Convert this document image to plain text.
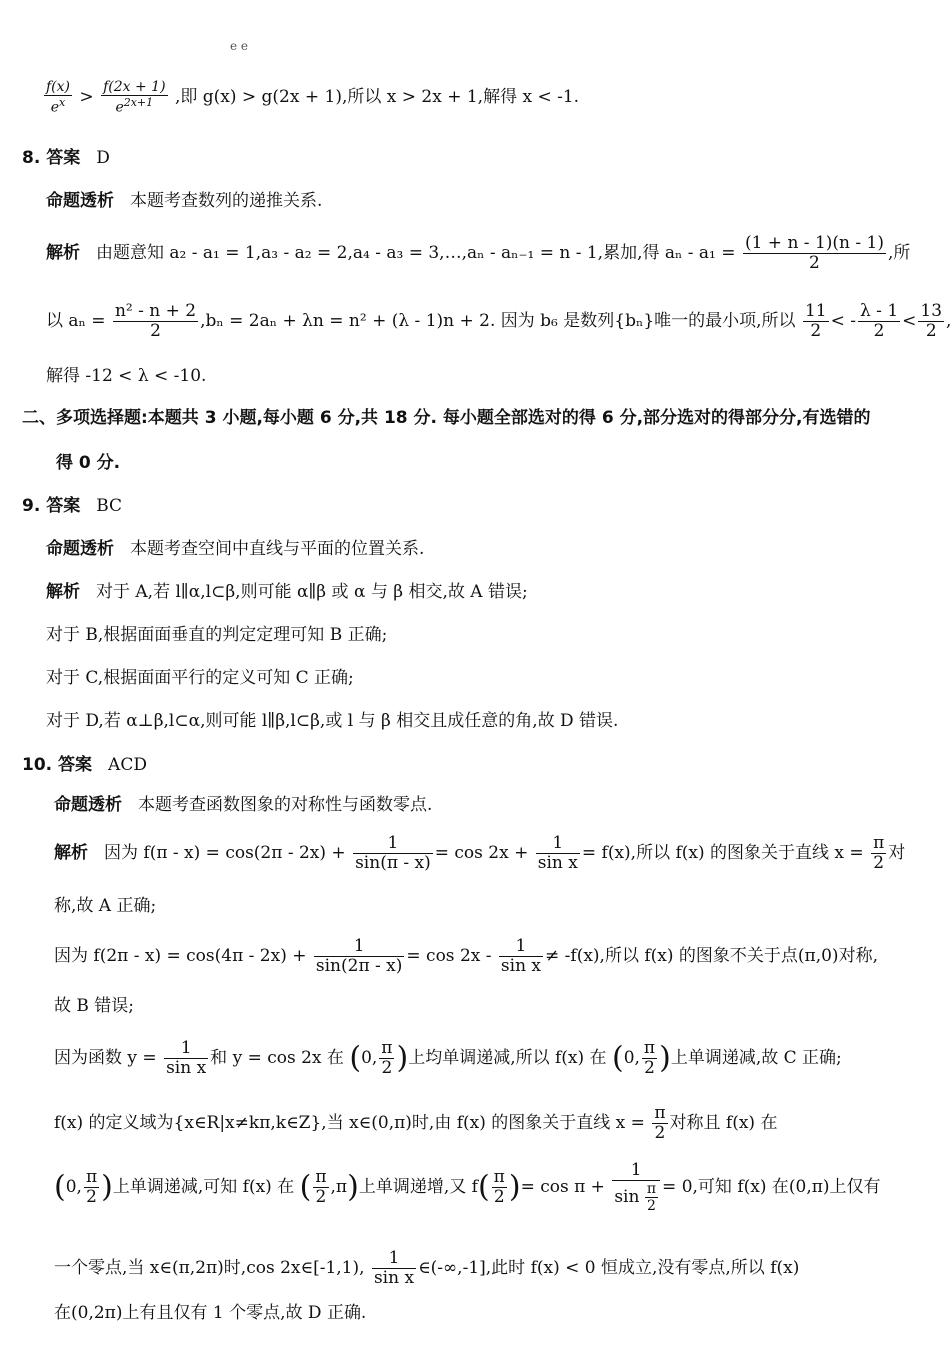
e e
$\frac{f(x)}{e^x} > \frac{f(2x + 1)}{e^{2x+1}}$ ,即 g(x) > g(2x + 1),所以 x > 2x + 1,解得 x < -1.
8. 答案 D
命题透析 本题考查数列的递推关系.
解析 由题意知 a₂ - a₁ = 1,a₃ - a₂ = 2,a₄ - a₃ = 3,…,aₙ - aₙ₋₁ = n - 1,累加,得 $a_n - a_1 = \frac{(1 + n - 1)(n - 1)}{2}$ ,所
以 $a_n = \frac{\text{n² - n + 2}}{2} ,b_n = 2a_n + \lambda n = n^2 + (\lambda - 1)n + 2$. 因为 b₆ 是数列{bₙ}唯一的最小项,所以 $\frac{11}{2}$ < - $\frac{\lambda - 1}{2} < \frac{13}{2}$ ,
解得 -12 < λ < -10.
二、多项选择题:本题共 3 小题,每小题 6 分,共 18 分. 每小题全部选对的得 6 分,部分选对的得部分分,有选错的
得 0 分.
9. 答案 BC
命题透析 本题考查空间中直线与平面的位置关系.
解析 对于 A,若 l∥α,l⊂β,则可能 α∥β 或 α 与 β 相交,故 A 错误;
对于 B,根据面面垂直的判定定理可知 B 正确;
对于 C,根据面面平行的定义可知 C 正确;
对于 D,若 α⊥β,l⊂α,则可能 l∥β,l⊂β,或 l 与 β 相交且成任意的角,故 D 错误.
10. 答案 ACD
命题透析 本题考查函数图象的对称性与函数零点.
解析 因为 $f(\pi - x) = \cos(2\pi - 2x) + \frac{1}{\sin(\pi - x)} = \cos 2x + \frac{1}{\text{sin x}} = f(x)$,所以 f(x) 的图象关于直线 $x = \frac{\pi}{2}$ 对
称,故 A 正确;
因为 $f(2\pi - x) = \cos(4\pi - 2x) + \frac{1}{\sin(2\pi - x)} = \cos 2x - \frac{1}{\text{sin x}} \ne -f(x)$,所以 f(x) 的图象不关于点(π,0)对称,
故 B 错误;
因为函数 $y = \frac{1}{\text{sin x}}$ 和 y = cos 2x 在 (0, $\frac{\pi}{2}$ )上均单调递减,所以 f(x) 在 (0, $\frac{\pi}{2}$ )上单调递减,故 C 正确;
f(x) 的定义域为{x∈R|x≠kπ,k∈Z},当 x∈(0,π)时,由 f(x) 的图象关于直线 $x = \frac{\pi}{2}$ 对称且 f(x) 在
(0, $\frac{\pi}{2}$ )上单调递减,可知 f(x) 在 ( $\frac{\pi}{2} ,\pi$)上单调递增,又 $f( \frac{\pi}{2}$ )= $\cos \pi + \frac{1}{\sin \frac{\pi}{2}} = 0$,可知 f(x) 在(0,π)上仅有
一个零点,当 x∈(π,2π)时,cos 2x∈[-1,1), $\frac{1}{\text{sin x}}$ ∈(-∞,-1],此时 f(x) < 0 恒成立,没有零点,所以 f(x)
在(0,2π)上有且仅有 1 个零点,故 D 正确.
